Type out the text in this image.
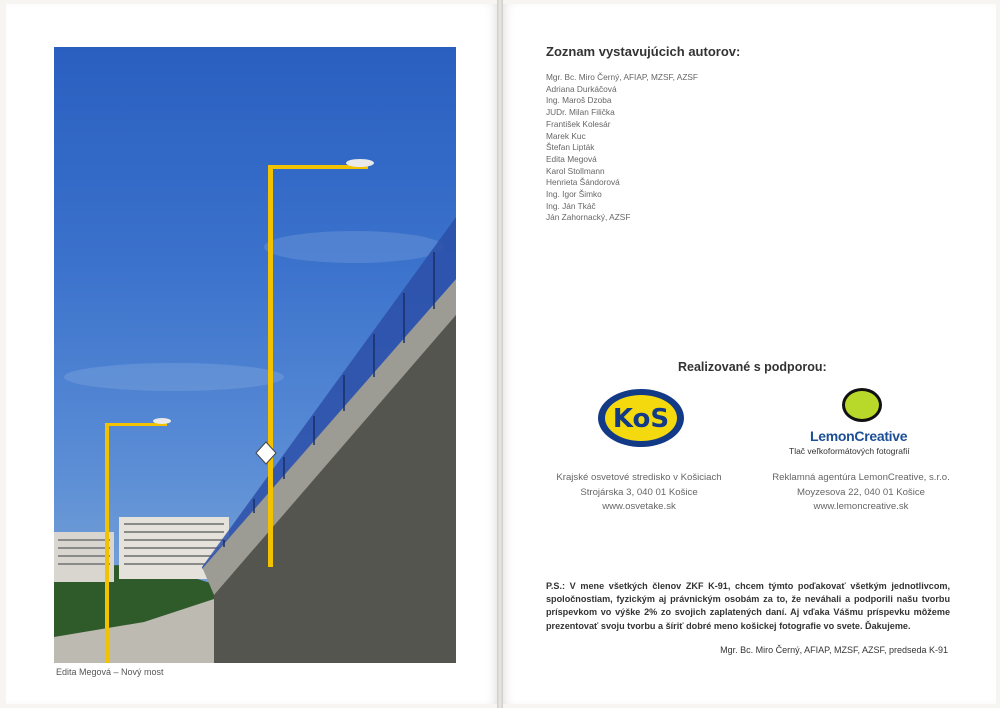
Edita Megová – Nový most
Zoznam vystavujúcich autorov:
Mgr. Bc. Miro Černý, AFIAP, MZSF, AZSF
Adriana Durkáčová
Ing. Maroš Dzoba
JUDr. Milan Filička
František Kolesár
Marek Kuc
Štefan Lipták
Edita Megová
Karol Stollmann
Henrieta Šándorová
Ing. Igor Šimko
Ing. Ján Tkáč
Ján Zahornacký, AZSF
Realizované s podporou:
KoS
LemonCreative
Tlač veľkoformátových fotografií
Krajské osvetové stredisko v Košiciach
Strojárska 3, 040 01 Košice
www.osvetake.sk
Reklamná agentúra LemonCreative, s.r.o.
Moyzesova 22, 040 01 Košice
www.lemoncreative.sk
P.S.: V mene všetkých členov ZKF K-91, chcem týmto poďakovať všetkým jednotlivcom, spoločnostiam, fyzickým aj právnickým osobám za to, že neváhali a podporili našu tvorbu príspevkom vo výške 2% zo svojich zaplatených daní. Aj vďaka Vášmu príspevku môžeme prezentovať svoju tvorbu a šíriť dobré meno košickej fotografie vo svete. Ďakujeme.
Mgr. Bc. Miro Černý, AFIAP, MZSF, AZSF, predseda K-91
